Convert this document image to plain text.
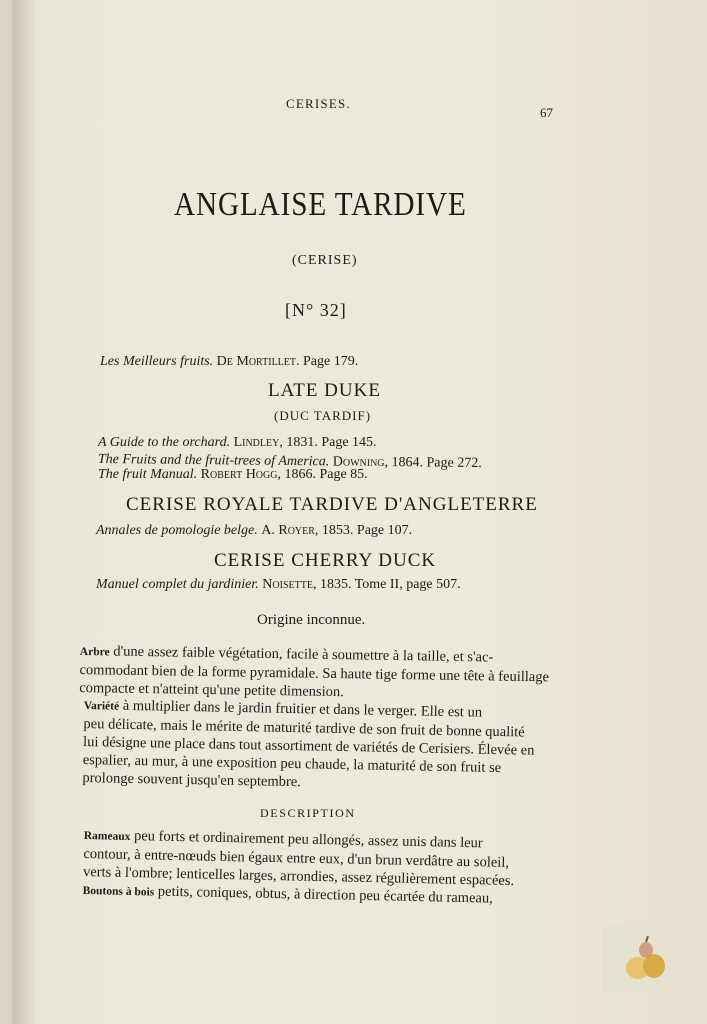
CERISES.
67
ANGLAISE TARDIVE
(CERISE)
[N° 32]
Les Meilleurs fruits. De Mortillet. Page 179.
LATE DUKE
(DUC TARDIF)
A Guide to the orchard. Lindley, 1831. Page 145.
The Fruits and the fruit-trees of America. Downing, 1864. Page 272.
The fruit Manual. Robert Hogg, 1866. Page 85.
CERISE ROYALE TARDIVE D'ANGLETERRE
Annales de pomologie belge. A. Royer, 1853. Page 107.
CERISE CHERRY DUCK
Manuel complet du jardinier. Noisette, 1835. Tome II, page 507.
Origine inconnue.
Arbre d'une assez faible végétation, facile à soumettre à la taille, et s'ac-
commodant bien de la forme pyramidale. Sa haute tige forme une tête à feuillage
compacte et n'atteint qu'une petite dimension.
Variété à multiplier dans le jardin fruitier et dans le verger. Elle est un
peu délicate, mais le mérite de maturité tardive de son fruit de bonne qualité
lui désigne une place dans tout assortiment de variétés de Cerisiers. Élevée en
espalier, au mur, à une exposition peu chaude, la maturité de son fruit se
prolonge souvent jusqu'en septembre.
DESCRIPTION
Rameaux peu forts et ordinairement peu allongés, assez unis dans leur
contour, à entre-nœuds bien égaux entre eux, d'un brun verdâtre au soleil,
verts à l'ombre; lenticelles larges, arrondies, assez régulièrement espacées.
Boutons à bois petits, coniques, obtus, à direction peu écartée du rameau,
